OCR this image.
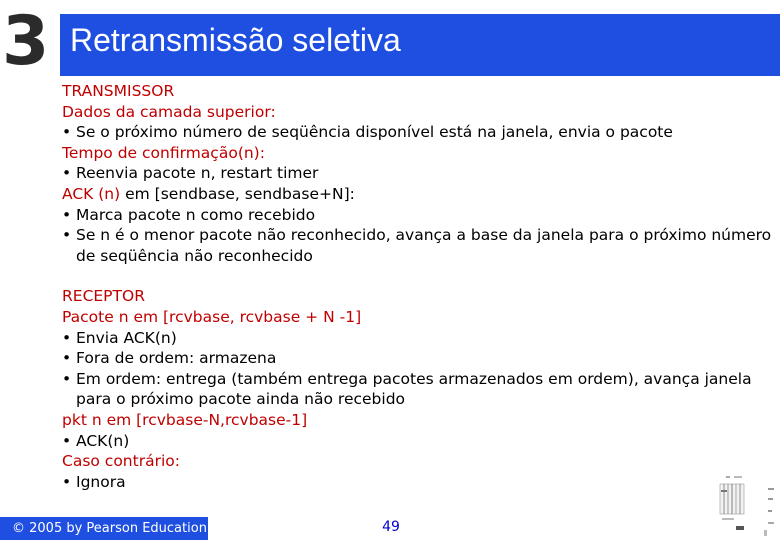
3 Retransmissão seletiva
TRANSMISSOR
Dados da camada superior:
• Se o próximo número de seqüência disponível está na janela, envia o pacote
Tempo de confirmação(n):
• Reenvia pacote n, restart timer
ACK (n) em [sendbase, sendbase+N]:
• Marca pacote n como recebido
• Se n é o menor pacote não reconhecido, avança a base da janela para o próximo número de seqüência não reconhecido
RECEPTOR
Pacote n em [rcvbase, rcvbase + N -1]
• Envia ACK(n)
• Fora de ordem: armazena
• Em ordem: entrega (também entrega pacotes armazenados em ordem), avança janela para o próximo pacote ainda não recebido
pkt n em [rcvbase-N,rcvbase-1]
• ACK(n)
Caso contrário:
• Ignora
© 2005 by Pearson Education	49
